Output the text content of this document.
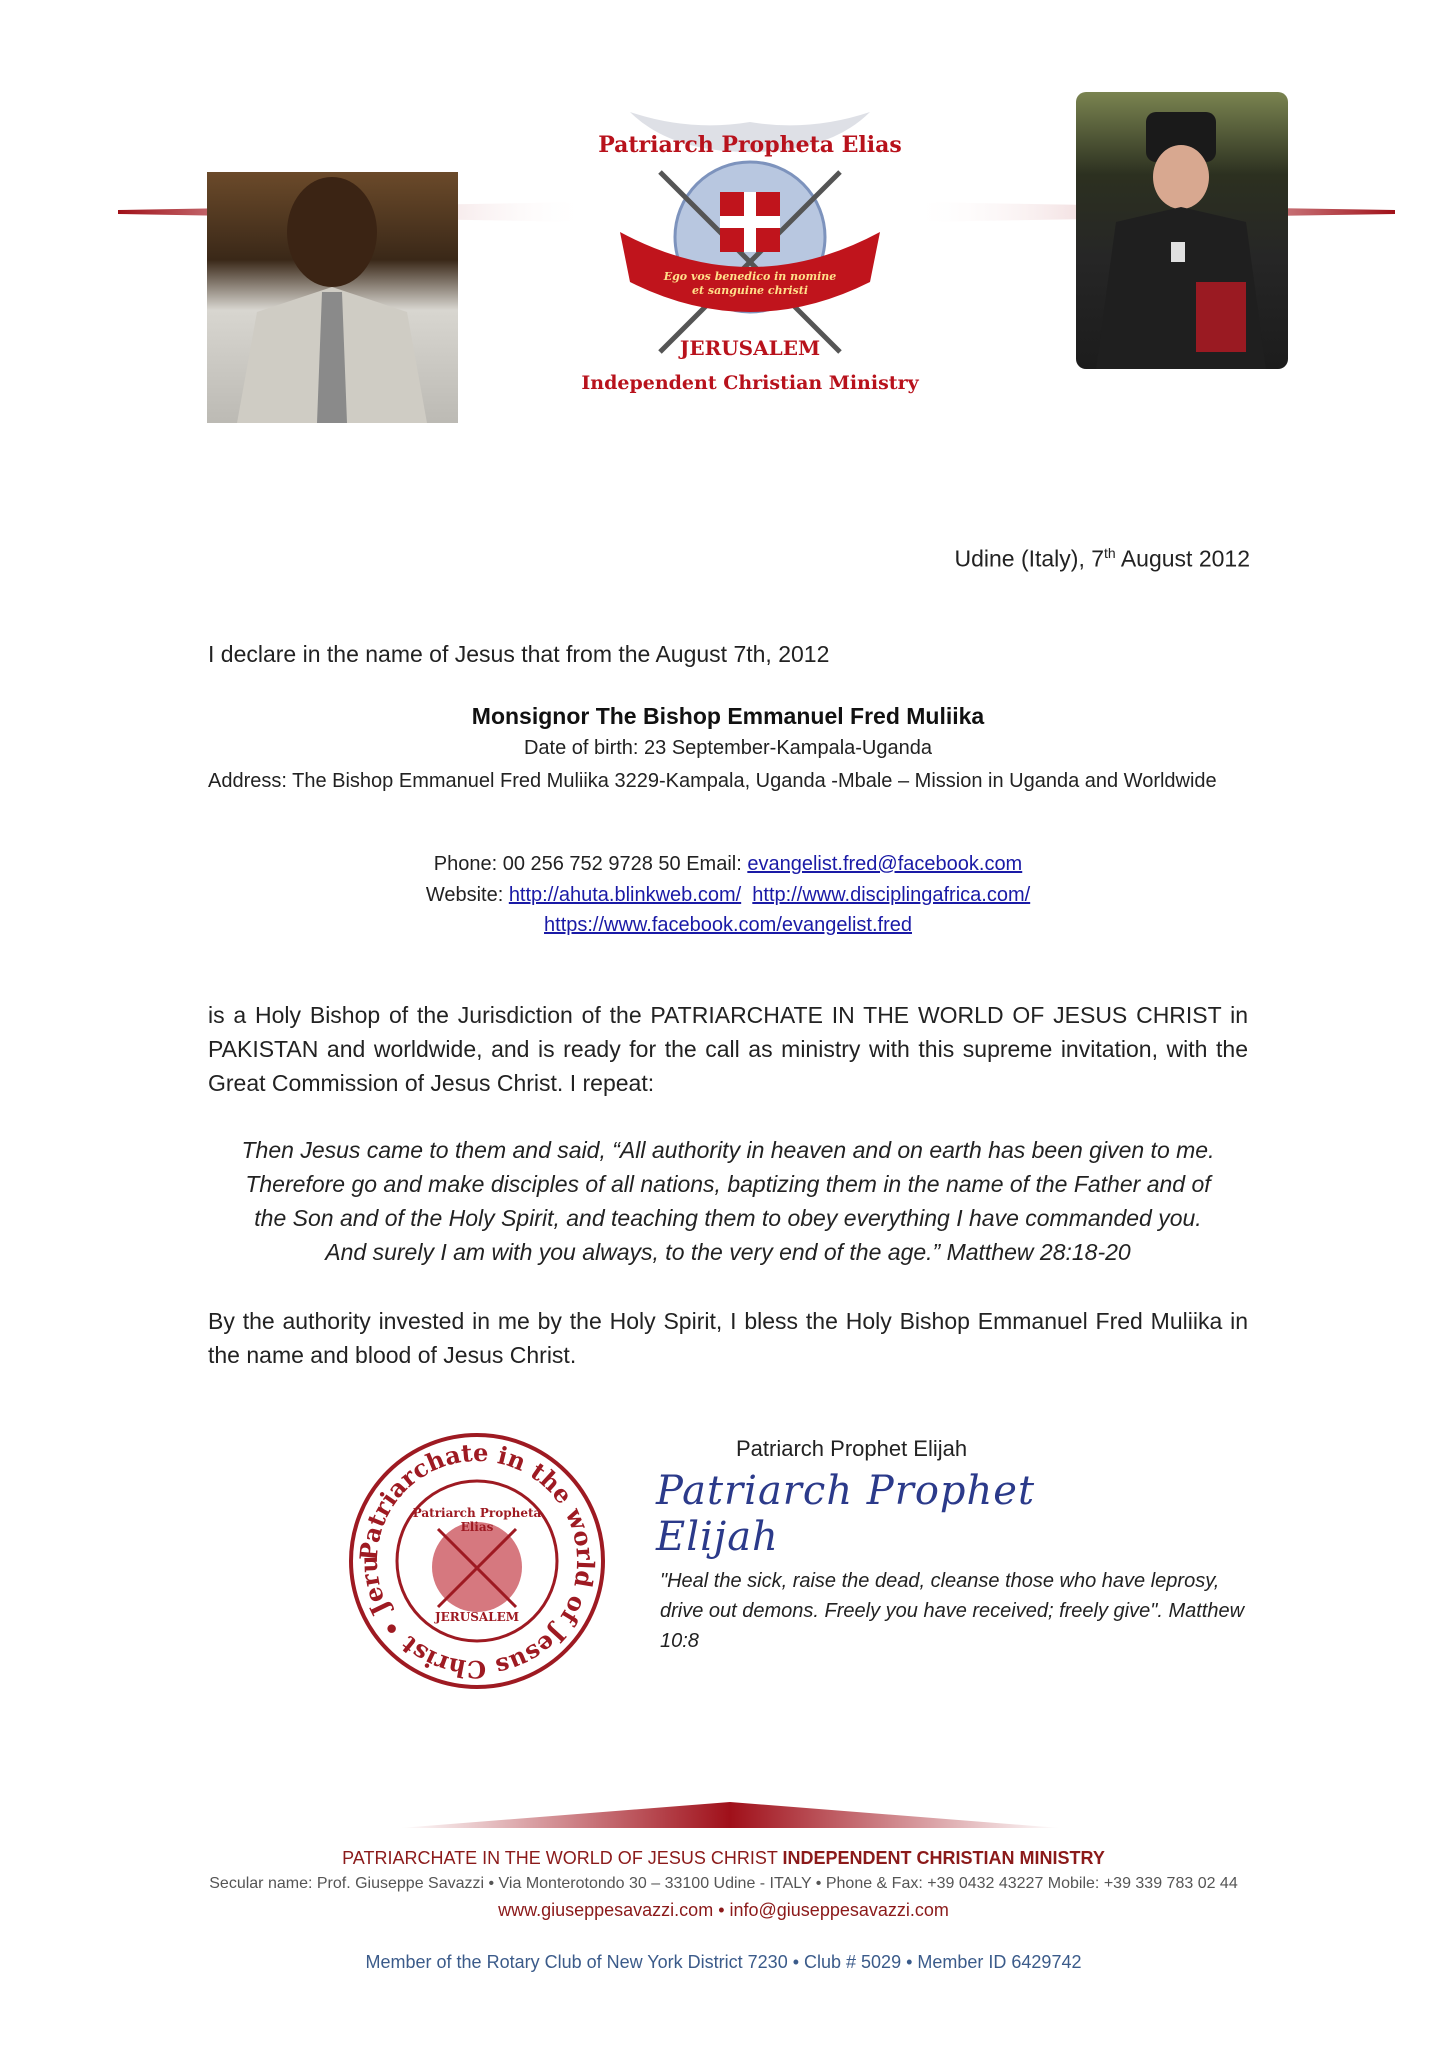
Patriarch Propheta Elias
Ego vos benedico in nomine
et sanguine christi
JERUSALEM
Independent Christian Ministry
Udine (Italy), 7th August 2012
I declare in the name of Jesus that from the August 7th, 2012
Monsignor The Bishop Emmanuel Fred Muliika
Date of birth: 23 September-Kampala-Uganda
Address: The Bishop Emmanuel Fred Muliika 3229-Kampala, Uganda -Mbale – Mission in Uganda and Worldwide
Phone: 00 256 752 9728 50 Email: evangelist.fred@facebook.com
Website: http://ahuta.blinkweb.com/ http://www.disciplingafrica.com/
https://www.facebook.com/evangelist.fred
is a Holy Bishop of the Jurisdiction of the PATRIARCHATE IN THE WORLD OF JESUS CHRIST in PAKISTAN and worldwide, and is ready for the call as ministry with this supreme invitation, with the Great Commission of Jesus Christ. I repeat:
Then Jesus came to them and said, “All authority in heaven and on earth has been given to me.
Therefore go and make disciples of all nations, baptizing them in the name of the Father and of
the Son and of the Holy Spirit, and teaching them to obey everything I have commanded you.
And surely I am with you always, to the very end of the age.” Matthew 28:18-20
By the authority invested in me by the Holy Spirit, I bless the Holy Bishop Emmanuel Fred Muliika in the name and blood of Jesus Christ.
Patriarchate in the world of Jesus Christ • Jeru
Patriarch Propheta Elias
JERUSALEM
Patriarch Prophet Elijah
Patriarch Prophet Elijah
"Heal the sick, raise the dead, cleanse those who have leprosy, drive out demons. Freely you have received; freely give". Matthew 10:8
PATRIARCHATE IN THE WORLD OF JESUS CHRIST INDEPENDENT CHRISTIAN MINISTRY
Secular name: Prof. Giuseppe Savazzi • Via Monterotondo 30 – 33100 Udine - ITALY • Phone & Fax: +39 0432 43227 Mobile: +39 339 783 02 44
www.giuseppesavazzi.com • info@giuseppesavazzi.com
Member of the Rotary Club of New York District 7230 • Club # 5029 • Member ID 6429742
